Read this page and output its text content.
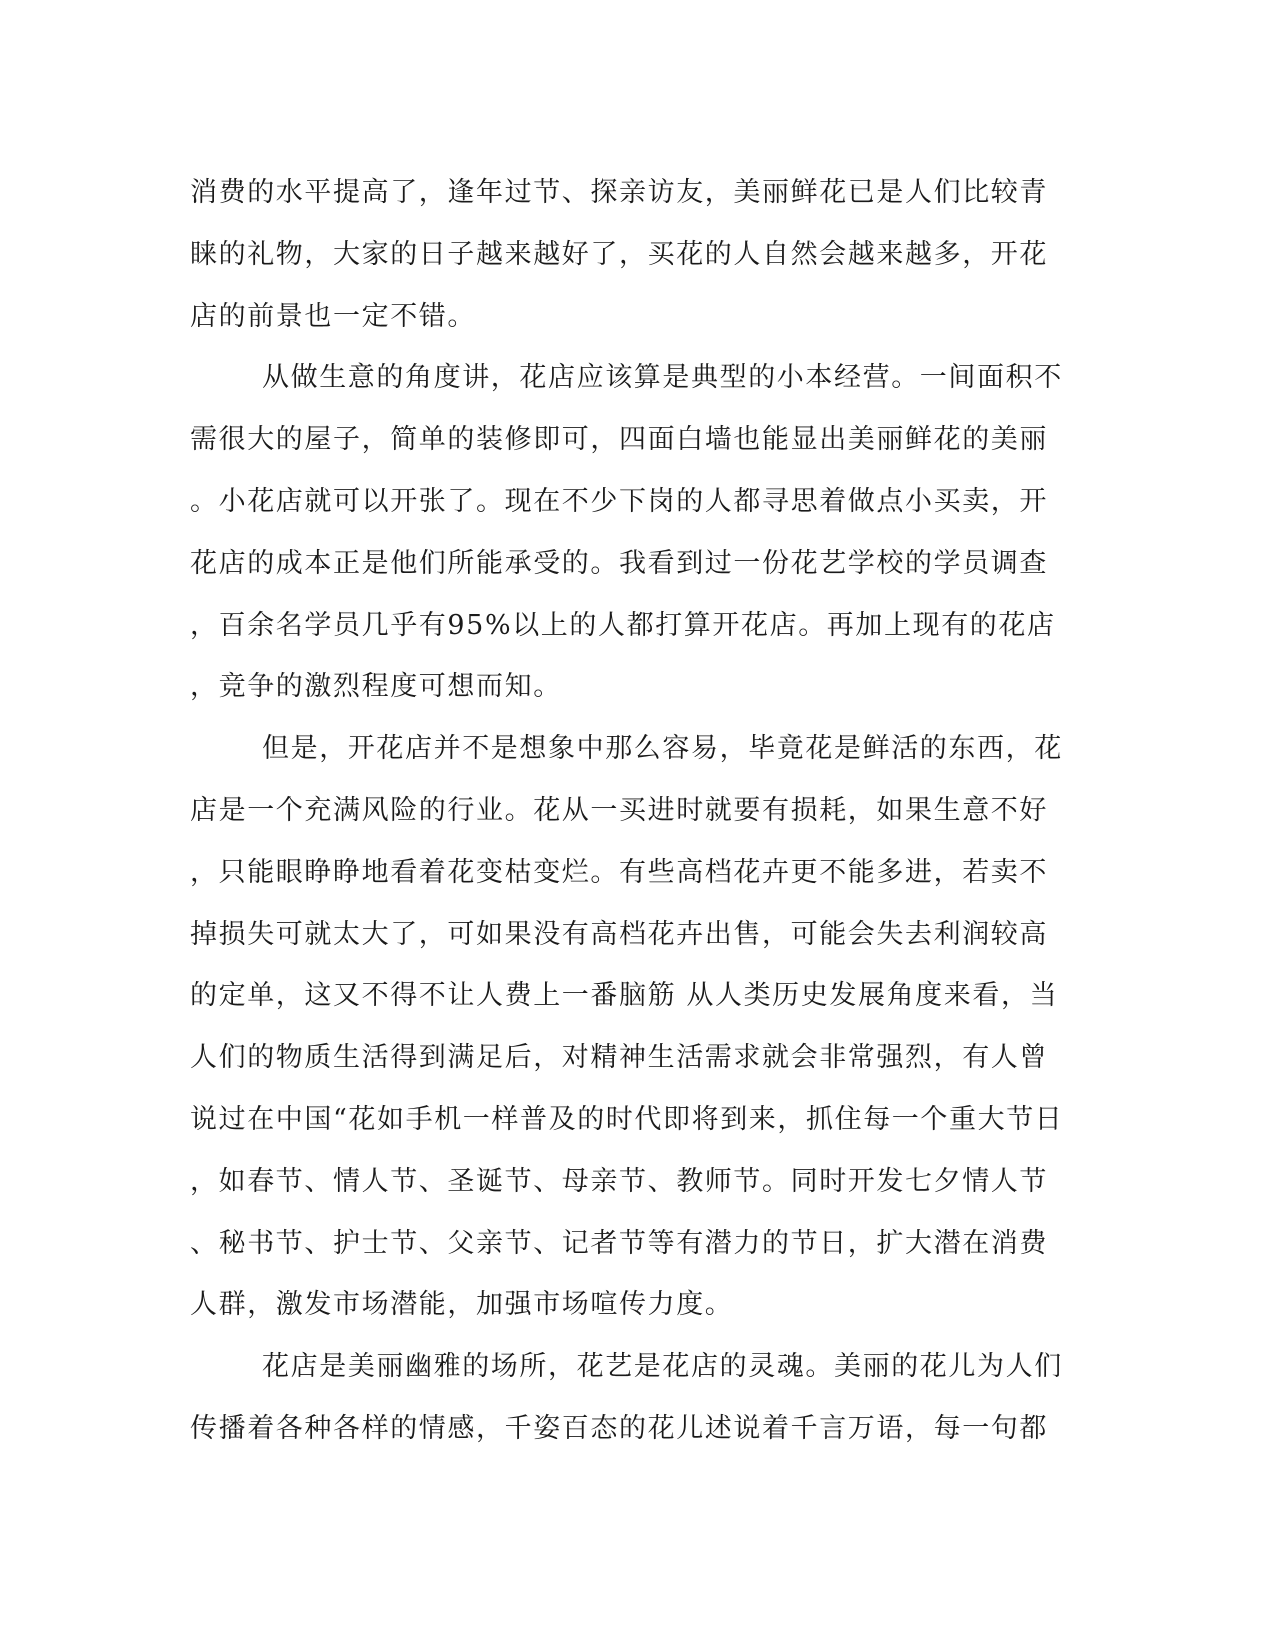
消费的水平提高了，逢年过节、探亲访友，美丽鲜花已是人们比较青
睐的礼物，大家的日子越来越好了，买花的人自然会越来越多，开花
店的前景也一定不错。
从做生意的角度讲，花店应该算是典型的小本经营。一间面积不
需很大的屋子，简单的装修即可，四面白墙也能显出美丽鲜花的美丽
。小花店就可以开张了。现在不少下岗的人都寻思着做点小买卖，开
花店的成本正是他们所能承受的。我看到过一份花艺学校的学员调查
，百余名学员几乎有95%以上的人都打算开花店。再加上现有的花店
，竞争的激烈程度可想而知。
但是，开花店并不是想象中那么容易，毕竟花是鲜活的东西，花
店是一个充满风险的行业。花从一买进时就要有损耗，如果生意不好
，只能眼睁睁地看着花变枯变烂。有些高档花卉更不能多进，若卖不
掉损失可就太大了，可如果没有高档花卉出售，可能会失去利润较高
的定单，这又不得不让人费上一番脑筋 从人类历史发展角度来看，当
人们的物质生活得到满足后，对精神生活需求就会非常强烈，有人曾
说过在中国“花如手机一样普及的时代即将到来，抓住每一个重大节日
，如春节、情人节、圣诞节、母亲节、教师节。同时开发七夕情人节
、秘书节、护士节、父亲节、记者节等有潜力的节日，扩大潜在消费
人群，激发市场潜能，加强市场喧传力度。
花店是美丽幽雅的场所，花艺是花店的灵魂。美丽的花儿为人们
传播着各种各样的情感，千姿百态的花儿述说着千言万语，每一句都
